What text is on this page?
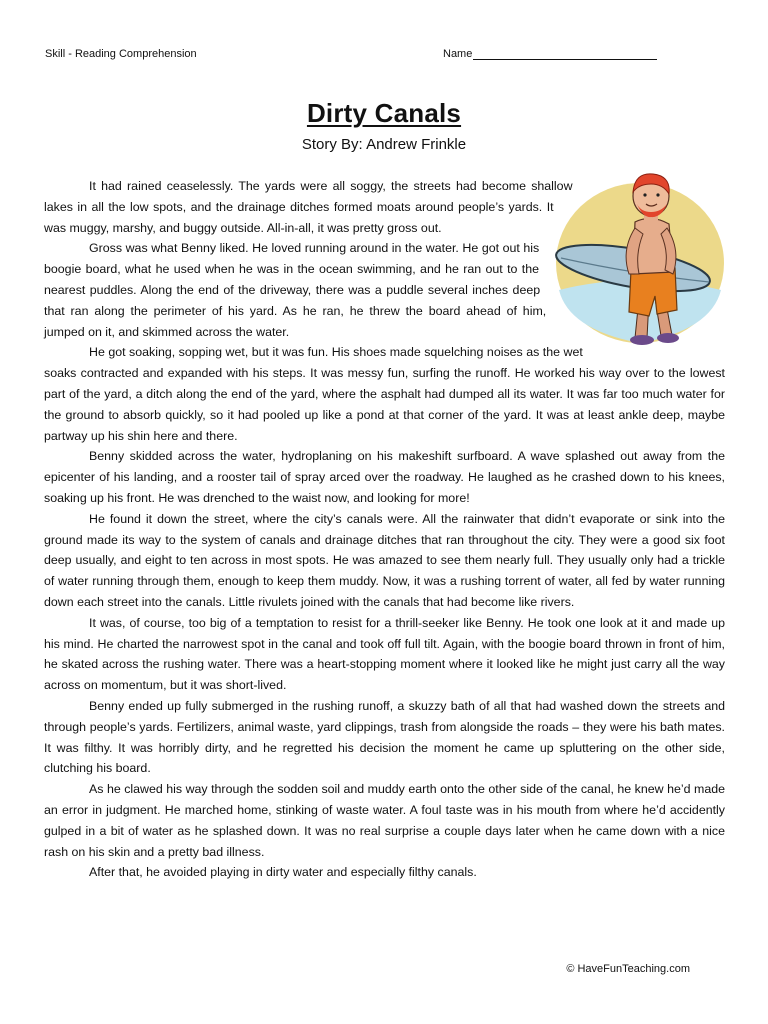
Skill - Reading Comprehension	Name
Dirty Canals
Story By: Andrew Frinkle

It had rained ceaselessly. The yards were all soggy, the streets had become shallow lakes in all the low spots, and the drainage ditches formed moats around people’s yards. It was muggy, marshy, and buggy outside. All-in-all, it was pretty gross out.

Gross was what Benny liked. He loved running around in the water. He got out his boogie board, what he used when he was in the ocean swimming, and he ran out to the nearest puddles. Along the end of the driveway, there was a puddle several inches deep that ran along the perimeter of his yard. As he ran, he threw the board ahead of him, jumped on it, and skimmed across the water.

He got soaking, sopping wet, but it was fun. His shoes made squelching noises as the wet soaks contracted and expanded with his steps. It was messy fun, surfing the runoff. He worked his way over to the lowest part of the yard, a ditch along the end of the yard, where the asphalt had dumped all its water. It was far too much water for the ground to absorb quickly, so it had pooled up like a pond at that corner of the yard. It was at least ankle deep, maybe partway up his shin here and there.

Benny skidded across the water, hydroplaning on his makeshift surfboard. A wave splashed out away from the epicenter of his landing, and a rooster tail of spray arced over the roadway. He laughed as he crashed down to his knees, soaking up his front. He was drenched to the waist now, and looking for more!

He found it down the street, where the city’s canals were. All the rainwater that didn’t evaporate or sink into the ground made its way to the system of canals and drainage ditches that ran throughout the city. They were a good six foot deep usually, and eight to ten across in most spots. He was amazed to see them nearly full. They usually only had a trickle of water running through them, enough to keep them muddy. Now, it was a rushing torrent of water, all fed by water running down each street into the canals. Little rivulets joined with the canals that had become like rivers.

It was, of course, too big of a temptation to resist for a thrill-seeker like Benny. He took one look at it and made up his mind. He charted the narrowest spot in the canal and took off full tilt. Again, with the boogie board thrown in front of him, he skated across the rushing water. There was a heart-stopping moment where it looked like he might just carry all the way across on momentum, but it was short-lived.

Benny ended up fully submerged in the rushing runoff, a skuzzy bath of all that had washed down the streets and through people’s yards. Fertilizers, animal waste, yard clippings, trash from alongside the roads – they were his bath mates. It was filthy. It was horribly dirty, and he regretted his decision the moment he came up spluttering on the other side, clutching his board.

As he clawed his way through the sodden soil and muddy earth onto the other side of the canal, he knew he’d made an error in judgment. He marched home, stinking of waste water. A foul taste was in his mouth from where he’d accidently gulped in a bit of water as he splashed down. It was no real surprise a couple days later when he came down with a nice rash on his skin and a pretty bad illness.

After that, he avoided playing in dirty water and especially filthy canals.

© HaveFunTeaching.com
